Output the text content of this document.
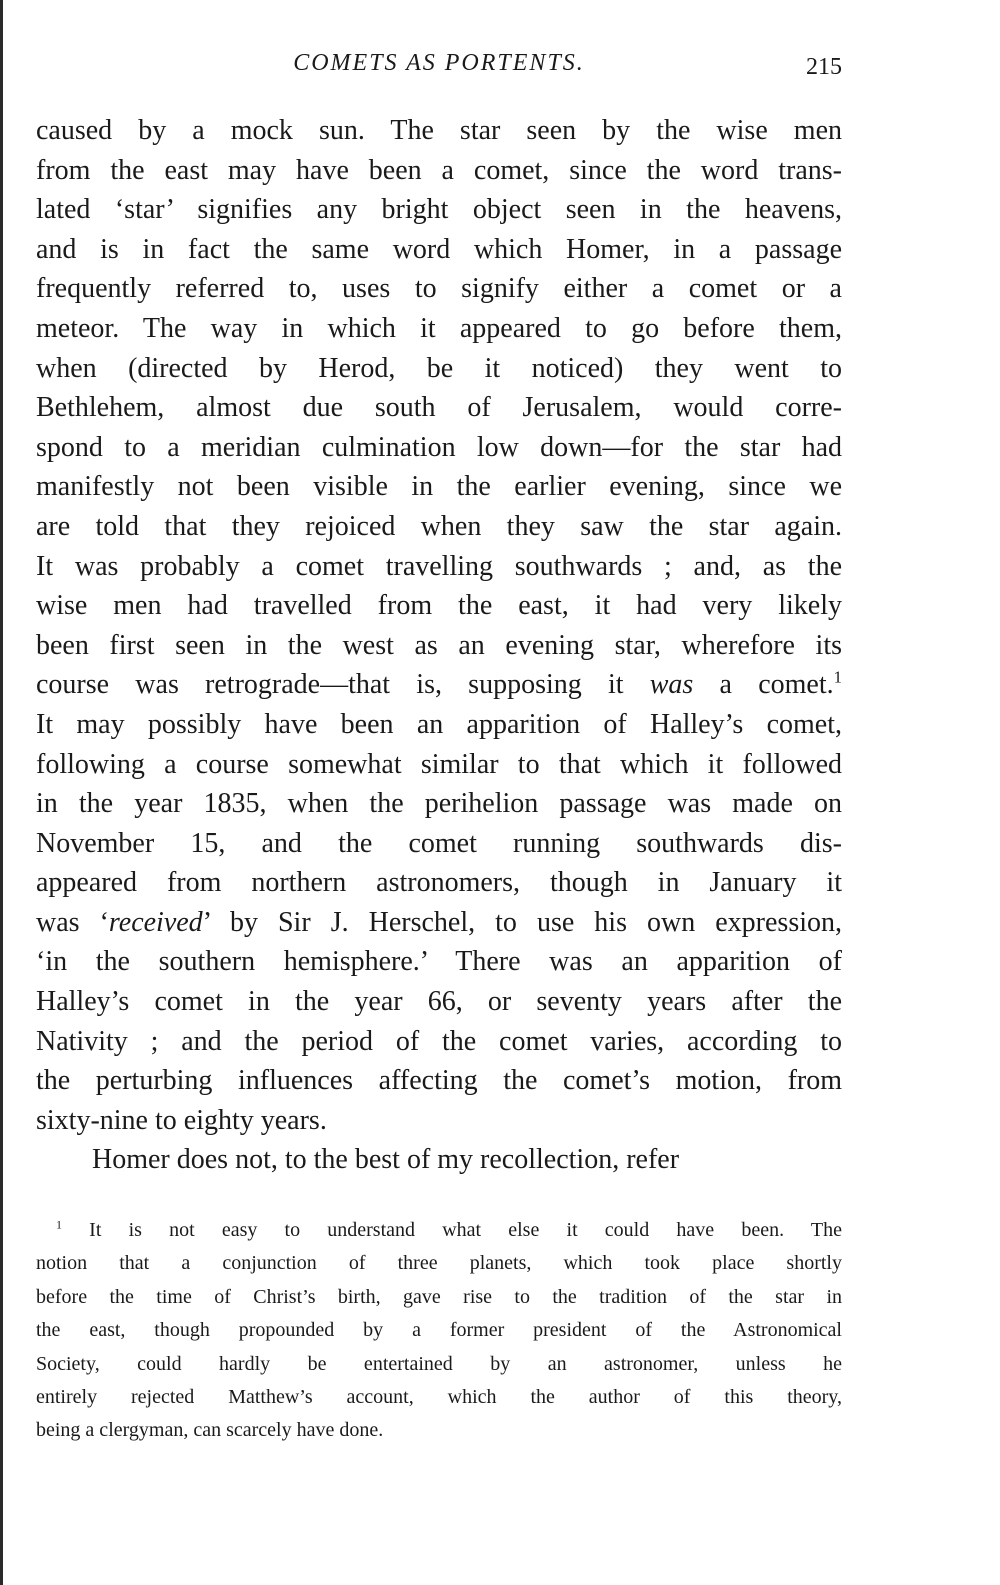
COMETS AS PORTENTS.	215
caused by a mock sun. The star seen by the wise men
from the east may have been a comet, since the word trans-
lated ‘star’ signifies any bright object seen in the heavens,
and is in fact the same word which Homer, in a passage
frequently referred to, uses to signify either a comet or a
meteor. The way in which it appeared to go before them,
when (directed by Herod, be it noticed) they went to
Bethlehem, almost due south of Jerusalem, would corre-
spond to a meridian culmination low down—for the star had
manifestly not been visible in the earlier evening, since we
are told that they rejoiced when they saw the star again.
It was probably a comet travelling southwards ; and, as the
wise men had travelled from the east, it had very likely
been first seen in the west as an evening star, wherefore its
course was retrograde—that is, supposing it was a comet.$^1$
It may possibly have been an apparition of Halley’s comet,
following a course somewhat similar to that which it followed
in the year 1835, when the perihelion passage was made on
November 15, and the comet running southwards dis-
appeared from northern astronomers, though in January it
was ‘received’ by Sir J. Herschel, to use his own expression,
‘in the southern hemisphere.’ There was an apparition of
Halley’s comet in the year 66, or seventy years after the
Nativity ; and the period of the comet varies, according to
the perturbing influences affecting the comet’s motion, from
sixty-nine to eighty years.
Homer does not, to the best of my recollection, refer
$^1$ It is not easy to understand what else it could have been. The
notion that a conjunction of three planets, which took place shortly
before the time of Christ’s birth, gave rise to the tradition of the star in
the east, though propounded by a former president of the Astronomical
Society, could hardly be entertained by an astronomer, unless he
entirely rejected Matthew’s account, which the author of this theory,
being a clergyman, can scarcely have done.
